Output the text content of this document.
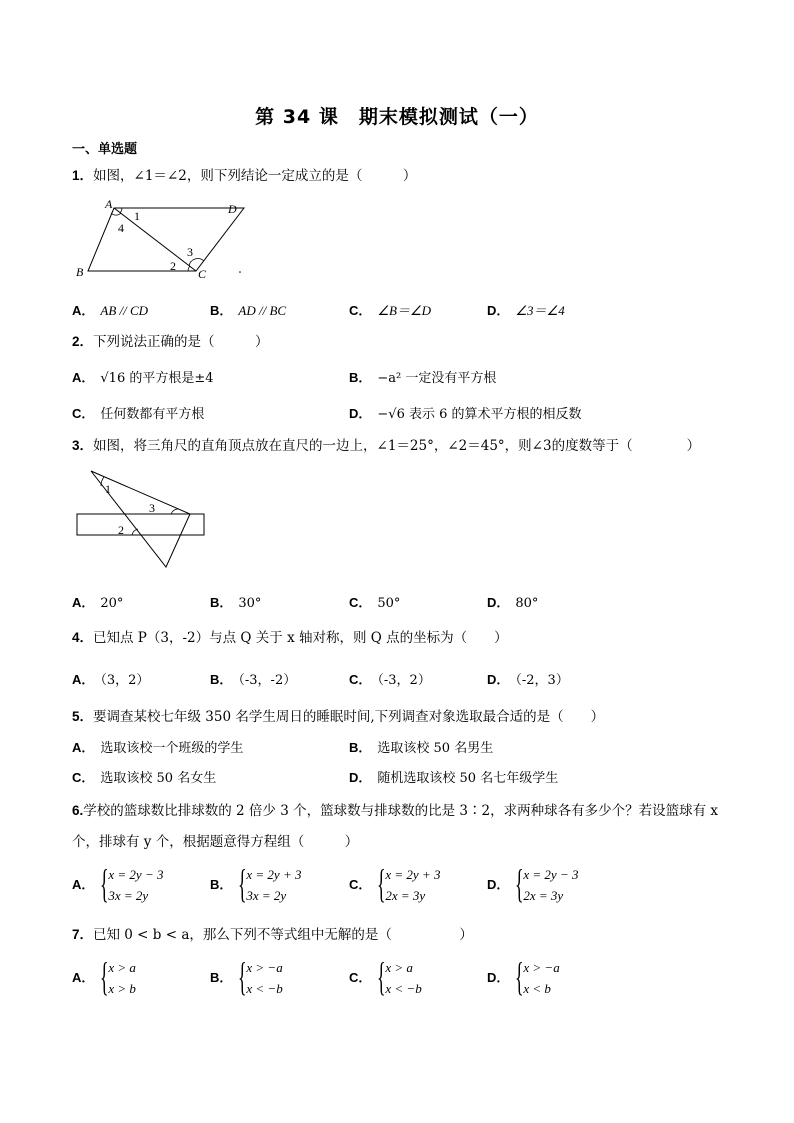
第 34 课　期末模拟测试（一）
一、单选题
1．如图，∠1＝∠2，则下列结论一定成立的是（　　　）
A	D
B	C
1
4
2
3
A． AB // CD	B． AD // BC	C． ∠B＝∠D	D． ∠3＝∠4
2．下列说法正确的是（　　　）
A． √16 的平方根是±4	B． −a² 一定没有平方根
C． 任何数都有平方根	D． −√6 表示 6 的算术平方根的相反数
3．如图，将三角尺的直角顶点放在直尺的一边上，∠1＝25°，∠2＝45°，则∠3的度数等于（　　　　）
1
2
3
A． 20°	B． 30°	C． 50°	D． 80°
4．已知点 P（3，-2）与点 Q 关于 x 轴对称，则 Q 点的坐标为（　　）
A． （3，2）	B． （-3，-2）	C． （-3，2）	D． （-2，3）
5．要调查某校七年级 350 名学生周日的睡眠时间,下列调查对象选取最合适的是（　　）
A． 选取该校一个班级的学生	B． 选取该校 50 名男生
C． 选取该校 50 名女生	D． 随机选取该校 50 名七年级学生
6.学校的篮球数比排球数的 2 倍少 3 个，篮球数与排球数的比是 3∶2，求两种球各有多少个？若设篮球有 x
个，排球有 y 个，根据题意得方程组（　　　）
A． { x = 2y − 3
3x = 2y
B． { x = 2y + 3
3x = 2y
C． { x = 2y + 3
2x = 3y
D． { x = 2y − 3
2x = 3y
7．已知 0 < b < a，那么下列不等式组中无解的是（　　　　　）
A． { x > a
x > b
B． { x > −a
x < −b
C． { x > a
x < −b
D． { x > −a
x < b
